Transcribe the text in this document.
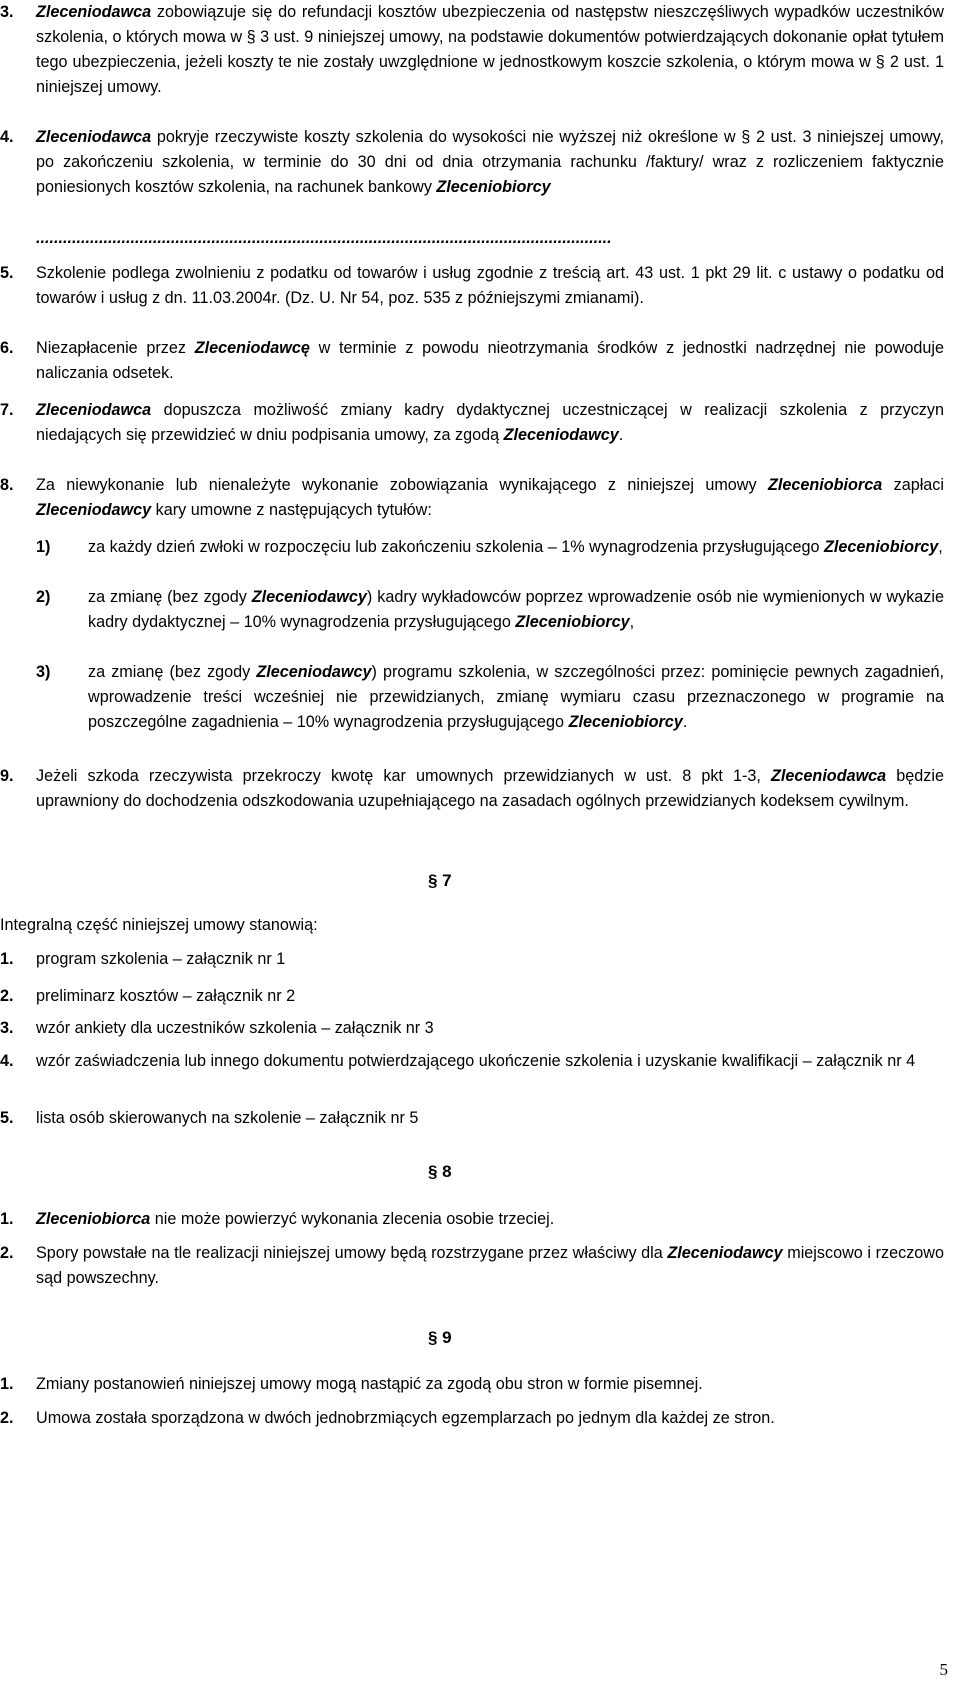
3. Zleceniodawca zobowiązuje się do refundacji kosztów ubezpieczenia od następstw nieszczęśliwych wypadków uczestników szkolenia, o których mowa w § 3 ust. 9 niniejszej umowy, na podstawie dokumentów potwierdzających dokonanie opłat tytułem tego ubezpieczenia, jeżeli koszty te nie zostały uwzględnione w jednostkowym koszcie szkolenia, o którym mowa w § 2 ust. 1 niniejszej umowy.
4. Zleceniodawca pokryje rzeczywiste koszty szkolenia do wysokości nie wyższej niż określone w § 2 ust. 3 niniejszej umowy, po zakończeniu szkolenia, w terminie do 30 dni od dnia otrzymania rachunku /faktury/ wraz z rozliczeniem faktycznie poniesionych kosztów szkolenia, na rachunek bankowy Zleceniobiorcy
................................................................................................................................
5. Szkolenie podlega zwolnieniu z podatku od towarów i usług zgodnie z treścią art. 43 ust. 1 pkt 29 lit. c ustawy o podatku od towarów i usług z dn. 11.03.2004r. (Dz. U. Nr 54, poz. 535 z późniejszymi zmianami).
6. Niezapłacenie przez Zleceniodawcę w terminie z powodu nieotrzymania środków z jednostki nadrzędnej nie powoduje naliczania odsetek.
7. Zleceniodawca dopuszcza możliwość zmiany kadry dydaktycznej uczestniczącej w realizacji szkolenia z przyczyn niedających się przewidzieć w dniu podpisania umowy, za zgodą Zleceniodawcy.
8. Za niewykonanie lub nienależyte wykonanie zobowiązania wynikającego z niniejszej umowy Zleceniobiorca zapłaci Zleceniodawcy kary umowne z następujących tytułów:
1) za każdy dzień zwłoki w rozpoczęciu lub zakończeniu szkolenia – 1% wynagrodzenia przysługującego Zleceniobiorcy,
2) za zmianę (bez zgody Zleceniodawcy) kadry wykładowców poprzez wprowadzenie osób nie wymienionych w wykazie kadry dydaktycznej – 10% wynagrodzenia przysługującego Zleceniobiorcy,
3) za zmianę (bez zgody Zleceniodawcy) programu szkolenia, w szczególności przez: pominięcie pewnych zagadnień, wprowadzenie treści wcześniej nie przewidzianych, zmianę wymiaru czasu przeznaczonego w programie na poszczególne zagadnienia – 10% wynagrodzenia przysługującego Zleceniobiorcy.
9. Jeżeli szkoda rzeczywista przekroczy kwotę kar umownych przewidzianych w ust. 8 pkt 1-3, Zleceniodawca będzie uprawniony do dochodzenia odszkodowania uzupełniającego na zasadach ogólnych przewidzianych kodeksem cywilnym.
§ 7
Integralną część niniejszej umowy stanowią:
1. program szkolenia – załącznik nr 1
2. preliminarz kosztów – załącznik nr 2
3. wzór ankiety dla uczestników szkolenia – załącznik nr 3
4. wzór zaświadczenia lub innego dokumentu potwierdzającego ukończenie szkolenia i uzyskanie kwalifikacji – załącznik nr 4
5. lista osób skierowanych na szkolenie – załącznik nr 5
§ 8
1. Zleceniobiorca nie może powierzyć wykonania zlecenia osobie trzeciej.
2. Spory powstałe na tle realizacji niniejszej umowy będą rozstrzygane przez właściwy dla Zleceniodawcy miejscowo i rzeczowo sąd powszechny.
§ 9
1. Zmiany postanowień niniejszej umowy mogą nastąpić za zgodą obu stron w formie pisemnej.
2. Umowa została sporządzona w dwóch jednobrzmiących egzemplarzach po jednym dla każdej ze stron.
5
